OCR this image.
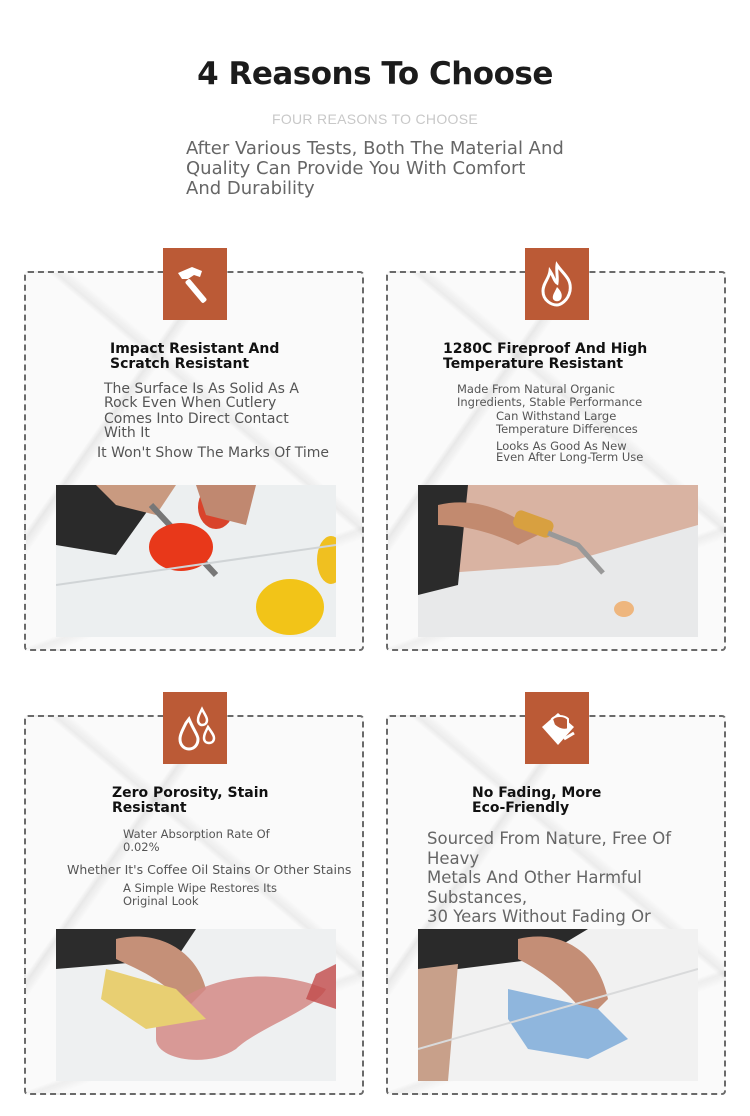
4 Reasons To Choose
FOUR REASONS TO CHOOSE
After Various Tests, Both The Material And Quality Can Provide You With Comfort And Durability
Impact Resistant And
Scratch Resistant
The Surface Is As Solid As A
Rock Even When Cutlery
Comes Into Direct Contact
With It
It Won't Show The Marks Of Time
1280C Fireproof And High
Temperature Resistant
Made From Natural Organic
Ingredients, Stable Performance
Can Withstand Large
Temperature Differences
Looks As Good As New
Even After Long-Term Use
Zero Porosity, Stain
Resistant
Water Absorption Rate Of
0.02%
Whether It's Coffee Oil Stains Or Other Stains
A Simple Wipe Restores Its
Original Look
No Fading, More
Eco-Friendly
Sourced From Nature, Free Of Heavy
Metals And Other Harmful Substances,
30 Years Without Fading Or
